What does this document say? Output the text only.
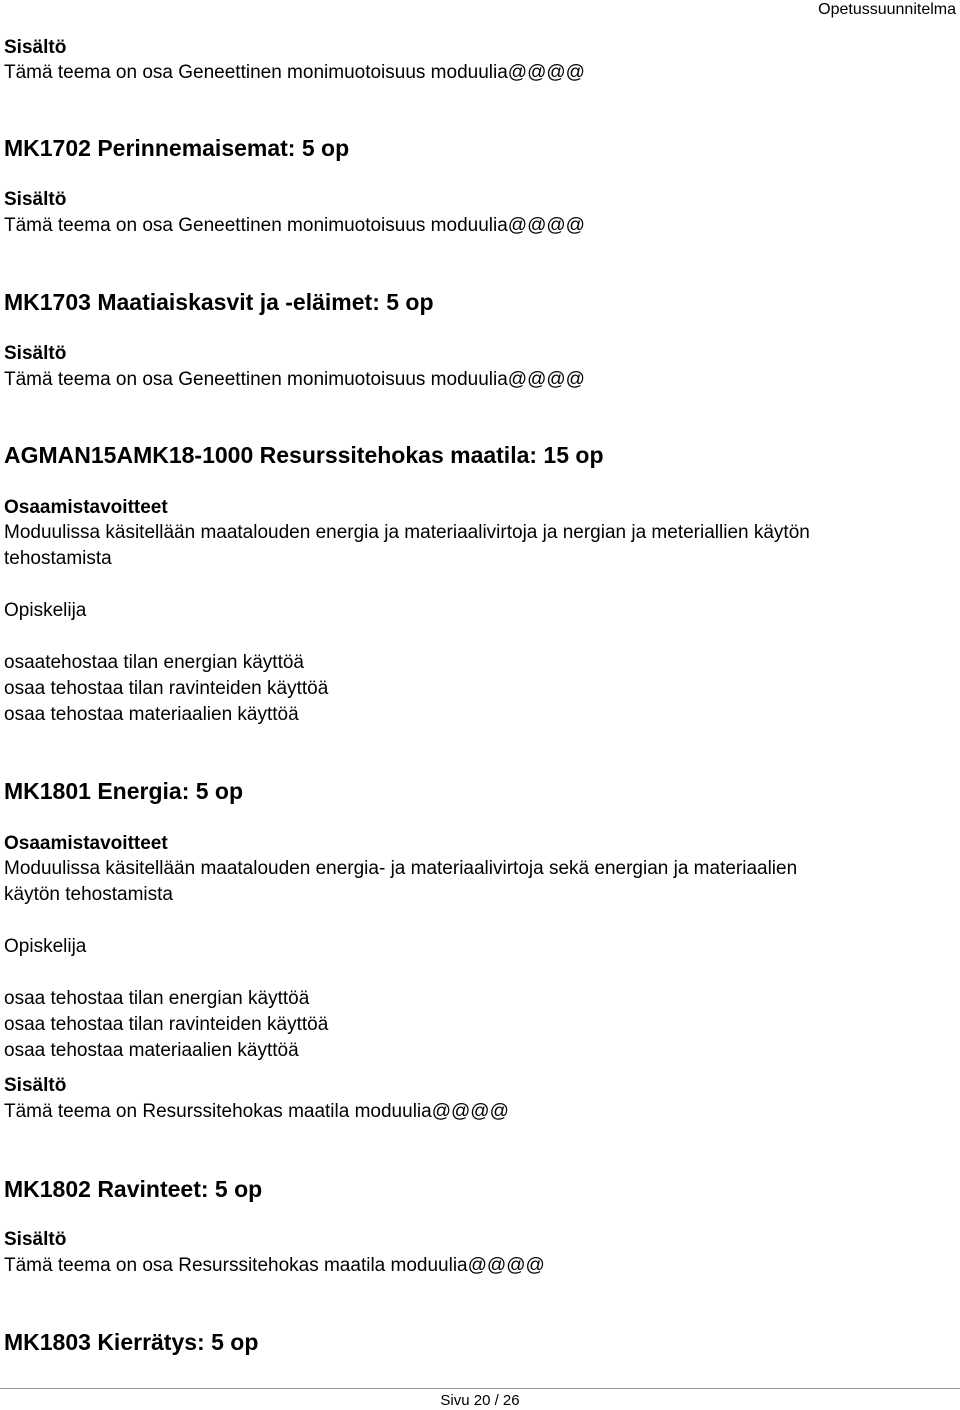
Opetussuunnitelma

Sisältö

Tämä teema on osa Geneettinen monimuotoisuus moduulia@@@@

MK1702 Perinnemaisemat: 5 op

Sisältö

Tämä teema on osa Geneettinen monimuotoisuus moduulia@@@@

MK1703 Maatiaiskasvit ja -eläimet: 5 op

Sisältö

Tämä teema on osa Geneettinen monimuotoisuus moduulia@@@@

AGMAN15AMK18-1000 Resurssitehokas maatila: 15 op

Osaamistavoitteet

Moduulissa käsitellään maatalouden energia ja materiaalivirtoja ja nergian ja meteriallien käytön

tehostamista

Opiskelija

osaatehostaa tilan energian käyttöä

osaa tehostaa tilan ravinteiden käyttöä

osaa tehostaa materiaalien käyttöä

MK1801 Energia: 5 op

Osaamistavoitteet

Moduulissa käsitellään maatalouden energia- ja materiaalivirtoja sekä energian ja materiaalien

käytön tehostamista

Opiskelija

osaa tehostaa tilan energian käyttöä

osaa tehostaa tilan ravinteiden käyttöä

osaa tehostaa materiaalien käyttöä

Sisältö

Tämä teema on Resurssitehokas maatila moduulia@@@@

MK1802 Ravinteet: 5 op

Sisältö

Tämä teema on osa Resurssitehokas maatila moduulia@@@@

MK1803 Kierrätys: 5 op
Sivu 20 / 26
